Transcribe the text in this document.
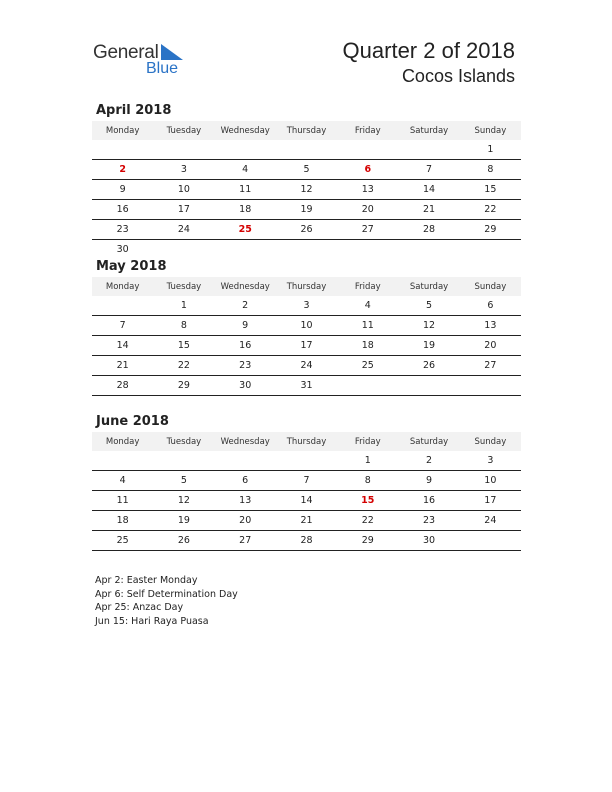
General
Blue
Quarter 2 of 2018
Cocos Islands
April 2018
Monday	Tuesday	Wednesday	Thursday	Friday	Saturday	Sunday
						1
2	3	4	5	6	7	8
9	10	11	12	13	14	15
16	17	18	19	20	21	22
23	24	25	26	27	28	29
30						
May 2018
Monday	Tuesday	Wednesday	Thursday	Friday	Saturday	Sunday
	1	2	3	4	5	6
7	8	9	10	11	12	13
14	15	16	17	18	19	20
21	22	23	24	25	26	27
28	29	30	31			
June 2018
Monday	Tuesday	Wednesday	Thursday	Friday	Saturday	Sunday
				1	2	3
4	5	6	7	8	9	10
11	12	13	14	15	16	17
18	19	20	21	22	23	24
25	26	27	28	29	30	
Apr 2: Easter Monday
Apr 6: Self Determination Day
Apr 25: Anzac Day
Jun 15: Hari Raya Puasa
